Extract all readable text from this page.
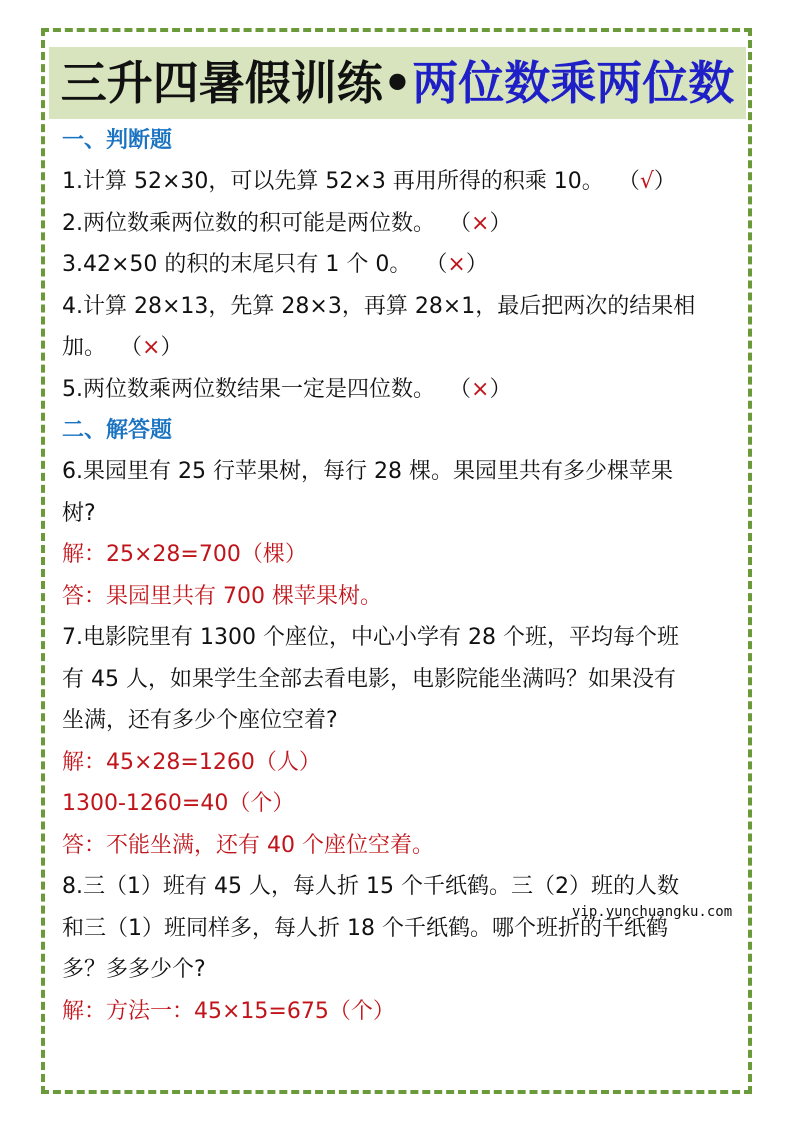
三升四暑假训练•两位数乘两位数
一、判断题
1.计算 52×30，可以先算 52×3 再用所得的积乘 10。 （√）
2.两位数乘两位数的积可能是两位数。 （×）
3.42×50 的积的末尾只有 1 个 0。 （×）
4.计算 28×13，先算 28×3，再算 28×1，最后把两次的结果相
加。 （×）
5.两位数乘两位数结果一定是四位数。 （×）
二、解答题
6.果园里有 25 行苹果树，每行 28 棵。果园里共有多少棵苹果
树?
解：25×28=700（棵）
答：果园里共有 700 棵苹果树。
7.电影院里有 1300 个座位，中心小学有 28 个班，平均每个班
有 45 人，如果学生全部去看电影，电影院能坐满吗？如果没有
坐满，还有多少个座位空着?
解：45×28=1260（人）
1300-1260=40（个）
答：不能坐满，还有 40 个座位空着。
8.三（1）班有 45 人，每人折 15 个千纸鹤。三（2）班的人数
和三（1）班同样多，每人折 18 个千纸鹤。哪个班折的千纸鹤
多？多多少个?
解：方法一：45×15=675（个）
vip.yunchuangku.com
